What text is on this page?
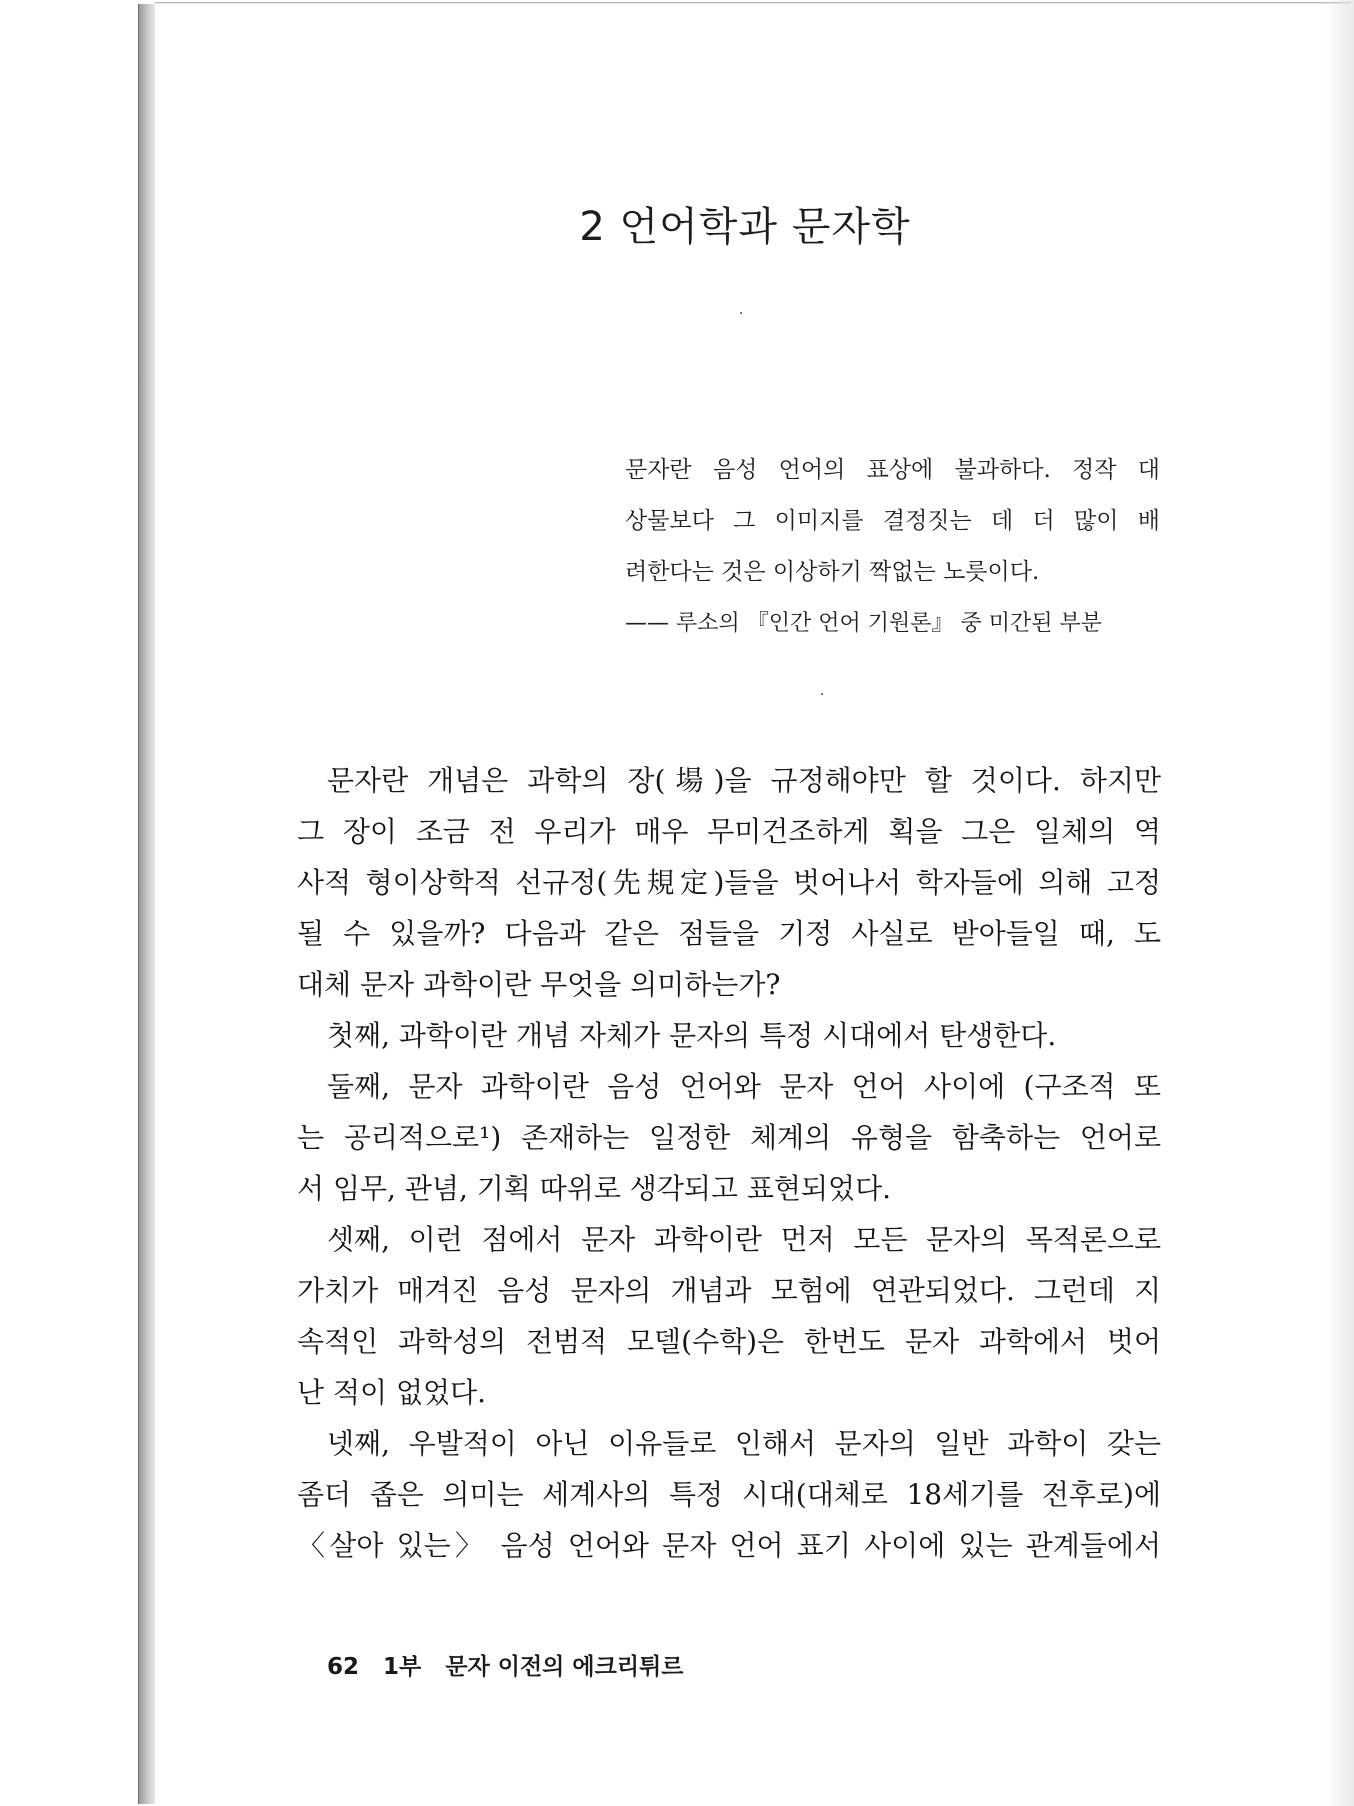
2 언어학과 문자학
문자란 음성 언어의 표상에 불과하다. 정작 대
상물보다 그 이미지를 결정짓는 데 더 많이 배
려한다는 것은 이상하기 짝없는 노릇이다.
—— 루소의 『인간 언어 기원론』 중 미간된 부분
문자란 개념은 과학의 장(場)을 규정해야만 할 것이다. 하지만
그 장이 조금 전 우리가 매우 무미건조하게 획을 그은 일체의 역
사적 형이상학적 선규정(先規定)들을 벗어나서 학자들에 의해 고정
될 수 있을까? 다음과 같은 점들을 기정 사실로 받아들일 때, 도
대체 문자 과학이란 무엇을 의미하는가?
첫째, 과학이란 개념 자체가 문자의 특정 시대에서 탄생한다.
둘째, 문자 과학이란 음성 언어와 문자 언어 사이에 (구조적 또
는 공리적으로¹) 존재하는 일정한 체계의 유형을 함축하는 언어로
서 임무, 관념, 기획 따위로 생각되고 표현되었다.
셋째, 이런 점에서 문자 과학이란 먼저 모든 문자의 목적론으로
가치가 매겨진 음성 문자의 개념과 모험에 연관되었다. 그런데 지
속적인 과학성의 전범적 모델(수학)은 한번도 문자 과학에서 벗어
난 적이 없었다.
넷째, 우발적이 아닌 이유들로 인해서 문자의 일반 과학이 갖는
좀더 좁은 의미는 세계사의 특정 시대(대체로 18세기를 전후로)에
〈살아 있는〉 음성 언어와 문자 언어 표기 사이에 있는 관계들에서
62 1부 문자 이전의 에크리튀르
